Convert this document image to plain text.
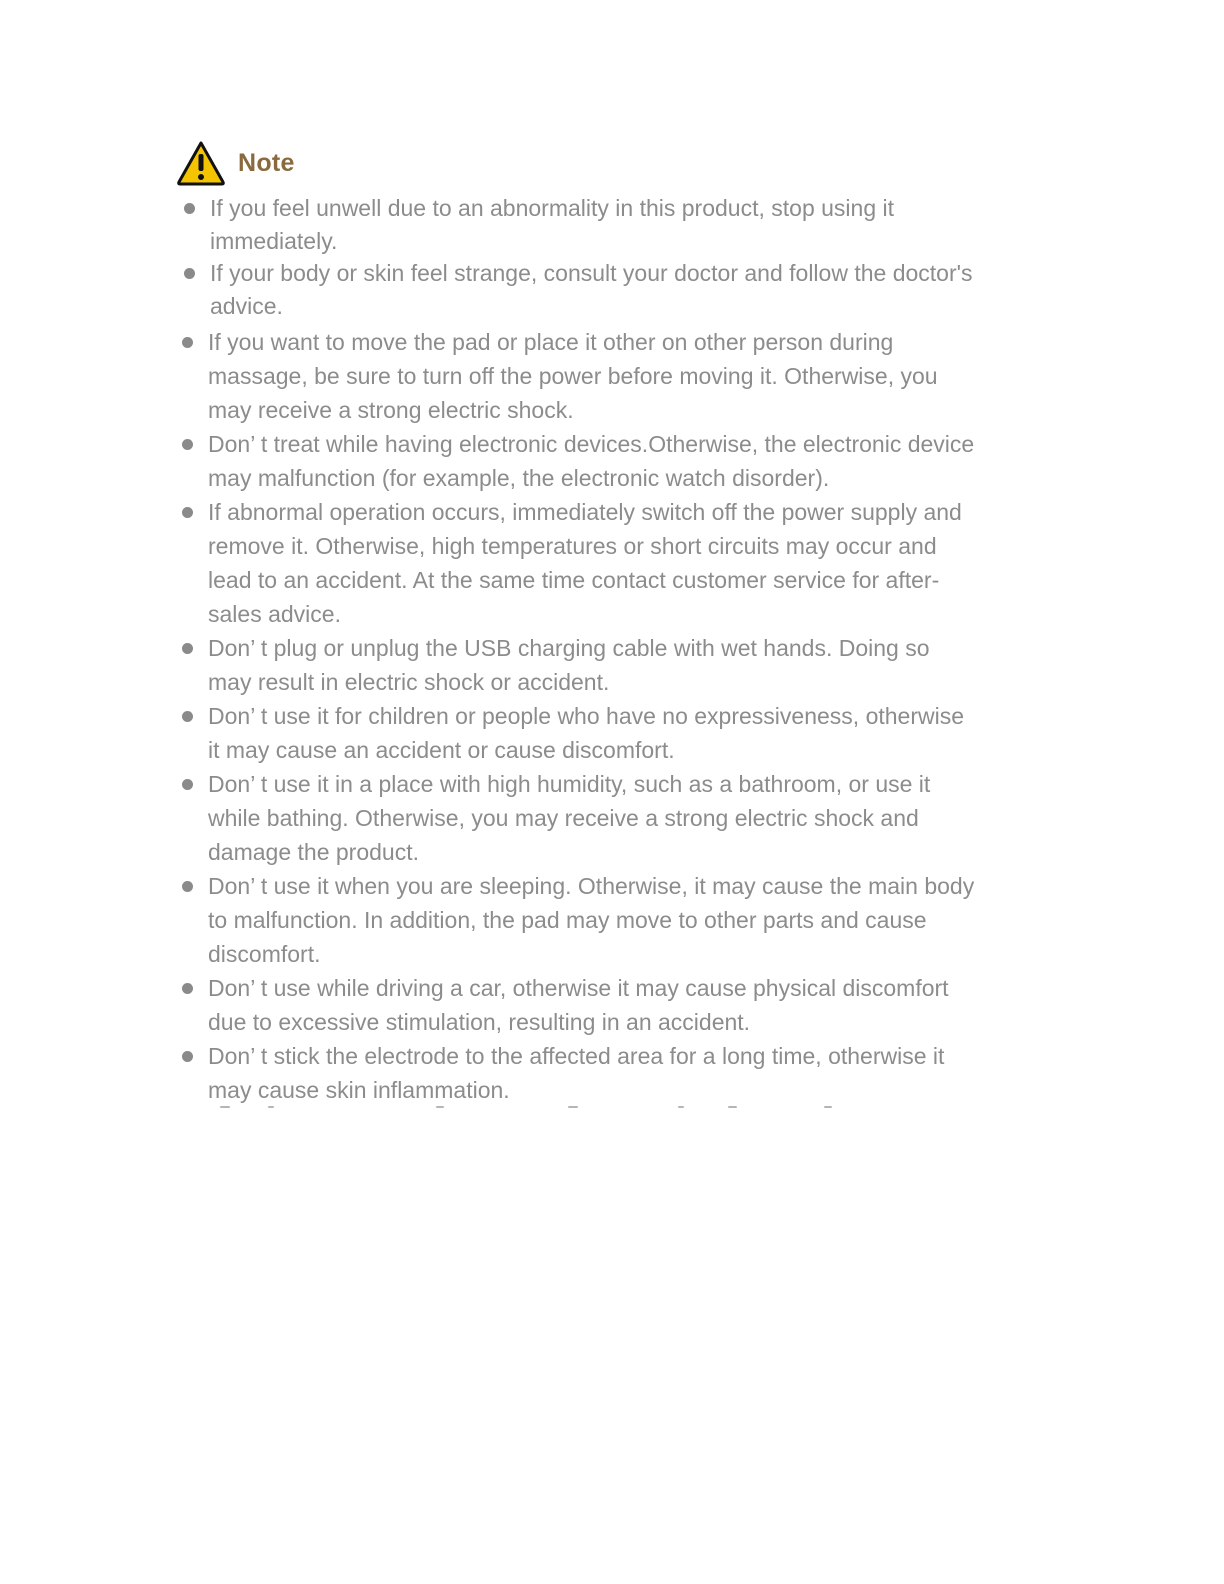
Note
If you feel unwell due to an abnormality in this product, stop using it immediately.
If your body or skin feel strange, consult your doctor and follow the doctor's advice.
If you want to move the pad or place it other on other person during massage, be sure to turn off the power before moving it. Otherwise, you may receive a strong electric shock.
Don’ t treat while having electronic devices.Otherwise, the electronic device may malfunction (for example, the electronic watch disorder).
If abnormal operation occurs, immediately switch off the power supply and remove it. Otherwise, high temperatures or short circuits may occur and lead to an accident. At the same time contact customer service for after-sales advice.
Don’ t plug or unplug the USB charging cable with wet hands. Doing so may result in electric shock or accident.
Don’ t use it for children or people who have no expressiveness, otherwise it may cause an accident or cause discomfort.
Don’ t use it in a place with high humidity, such as a bathroom, or use it while bathing. Otherwise, you may receive a strong electric shock and damage the product.
Don’ t use it when you are sleeping. Otherwise, it may cause the main body to malfunction. In addition, the pad may move to other parts and cause discomfort.
Don’ t use while driving a car, otherwise it may cause physical discomfort due to excessive stimulation, resulting in an accident.
Don’ t stick the electrode to the affected area for a long time, otherwise it may cause skin inflammation.
